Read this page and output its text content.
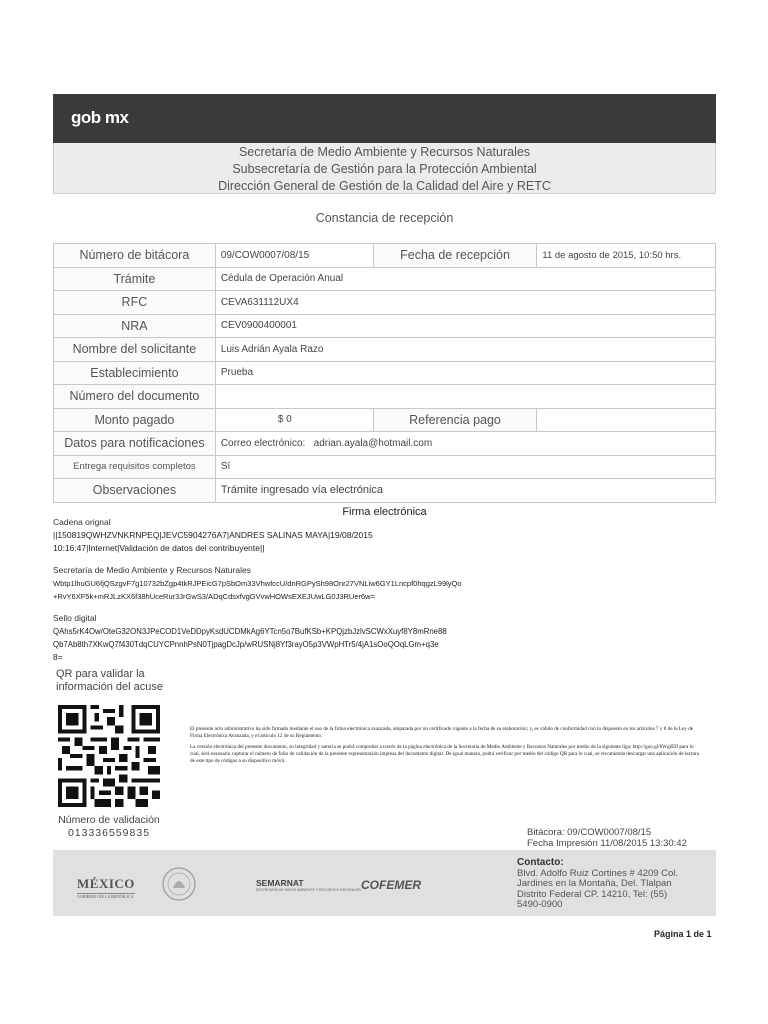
gob mx
Secretaría de Medio Ambiente y Recursos Naturales
Subsecretaría de Gestión para la Protección Ambiental
Dirección General de Gestión de la Calidad del Aire y RETC
Constancia de recepción
Número de bitácora	09/COW0007/08/15	Fecha de recepción	11 de agosto de 2015, 10:50 hrs.
Trámite	Cédula de Operación Anual		
RFC	CEVA631112UX4		
NRA	CEV0900400001		
Nombre del solicitante	Luis Adrián Ayala Razo		
Establecimiento	Prueba		
Número del documento			
Monto pagado	$ 0	Referencia pago	
Datos para notificaciones	Correo electrónico:   adrian.ayala@hotmail.com		
Entrega requisitos completos	Sí		
Observaciones	Trámite ingresado vía electrónica		
Firma electrónica
Cadena orignal
||150819QWHZVNKRNPEQ|JEVC5904276A7|ANDRES SALINAS MAYA|19/08/2015
10:16:47|Internet|Validación de datos del contribuyente||
Secretaría de Medio Ambiente y Recursos Naturales
Wbtp1lhuGU6fjQSzgvF7g10732bZgp4tkRJPEicG7pSbOm33VhwfccU/dnRGPySh98Onr27VNLiw6GY1Lncpf0hqgzL99lyQo
+RvY6XF5k+mRJLzKX6f38hUceRur3JrGwS3/ADqCdsxfvgGVvwHOWsEXEJUwLG0J3RUer6w=
Sello digital
QAhs5rK4Ow/OteG32ON3JPeCOD1VeDDpyKsdUCDMkAg6YTcn5o7BufKSb+KPQjzbJzlvSCWxXuyf8Y8mRne88
Qb7Ab8th7XKwQ7f430TdqCUYCPnnhPsN0TjpagDcJp/wRUSNj8Yf3rayO5p3VWpHTr5/4jA1sOoQOqLGm+q3e
8=
QR para validar la
información del acuse

El presente acto administrativo ha sido firmado mediante el uso de la firma electrónica avanzada, amparada por un certificado vigente a la fecha de su elaboración; y, es válido de conformidad con lo dispuesto en los artículos 7 y 8 de la Ley de Firma Electrónica Avanzada, y el artículo 12 de su Reglamento.

La versión electrónica del presente documento, su integridad y autoría se podrá comprobar a través de la página electrónica de la Secretaría de Medio Ambiente y Recursos Naturales por medio de la siguiente liga: http://goo.gl/6WgiED para lo cual, será necesario capturar el número de folio de validación de la presente representación impresa del documento digital. De igual manera, podrá verificar por medio del código QR para lo cual, se recomienda descargar una aplicación de lectura de este tipo de códigos a su dispositivo móvil.

Número de validación
013336559835	Bitácora: 09/COW0007/08/15
Fecha Impresión 11/08/2015 13:30:42
MÉXICO
GOBIERNO DE LA REPÚBLICA
SEMARNAT
SECRETARÍA DE MEDIO AMBIENTE Y RECURSOS NATURALES COFEMER
Contacto:
Blvd. Adolfo Ruiz Cortines # 4209 Col.
Jardines en la Montaña, Del. Tlalpan
Distrito Federal CP. 14210, Tel: (55)
5490-0900
Página 1 de 1
